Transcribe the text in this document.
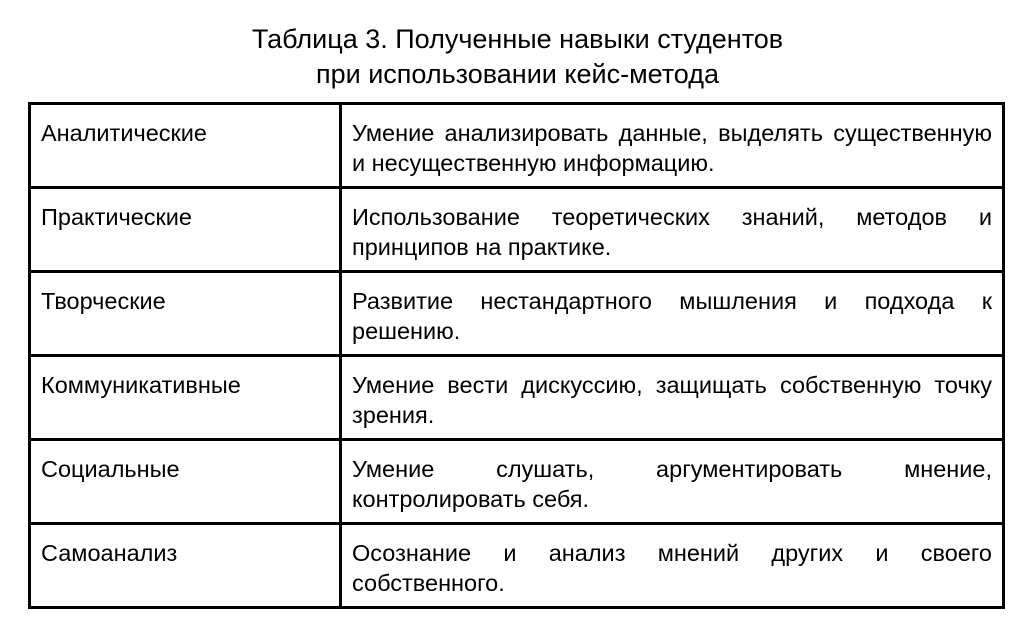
Таблица 3. Полученные навыки студентов
при использовании кейс-метода
Аналитические	Умение анализировать данные, выделять существенную и несущественную информацию.
Практические	Использование теоретических знаний, методов и принципов на практике.
Творческие	Развитие нестандартного мышления и подхода к решению.
Коммуникативные	Умение вести дискуссию, защищать собственную точку зрения.
Социальные	Умение слушать, аргументировать мнение, контролировать себя.
Самоанализ	Осознание и анализ мнений других и своего собственного.
